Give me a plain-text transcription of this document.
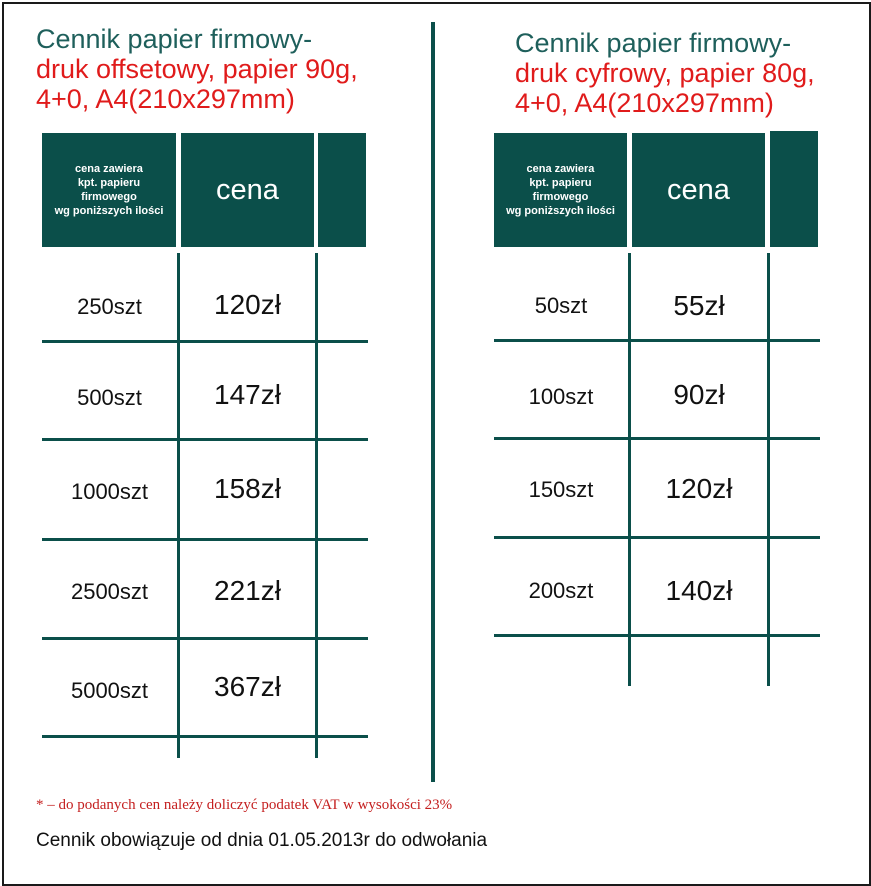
Cennik papier firmowy-
druk offsetowy, papier 90g,
4+0, A4(210x297mm)
cena zawiera
kpt. papieru
firmowego
wg poniższych ilości
cena
250szt	120zł
500szt	147zł
1000szt	158zł
2500szt	221zł
5000szt	367zł
Cennik papier firmowy-
druk cyfrowy, papier 80g,
4+0, A4(210x297mm)
cena zawiera
kpt. papieru
firmowego
wg poniższych ilości
cena
50szt	55zł
100szt	90zł
150szt	120zł
200szt	140zł
* – do podanych cen należy doliczyć podatek VAT w wysokości 23%
Cennik obowiązuje od dnia 01.05.2013r do odwołania
